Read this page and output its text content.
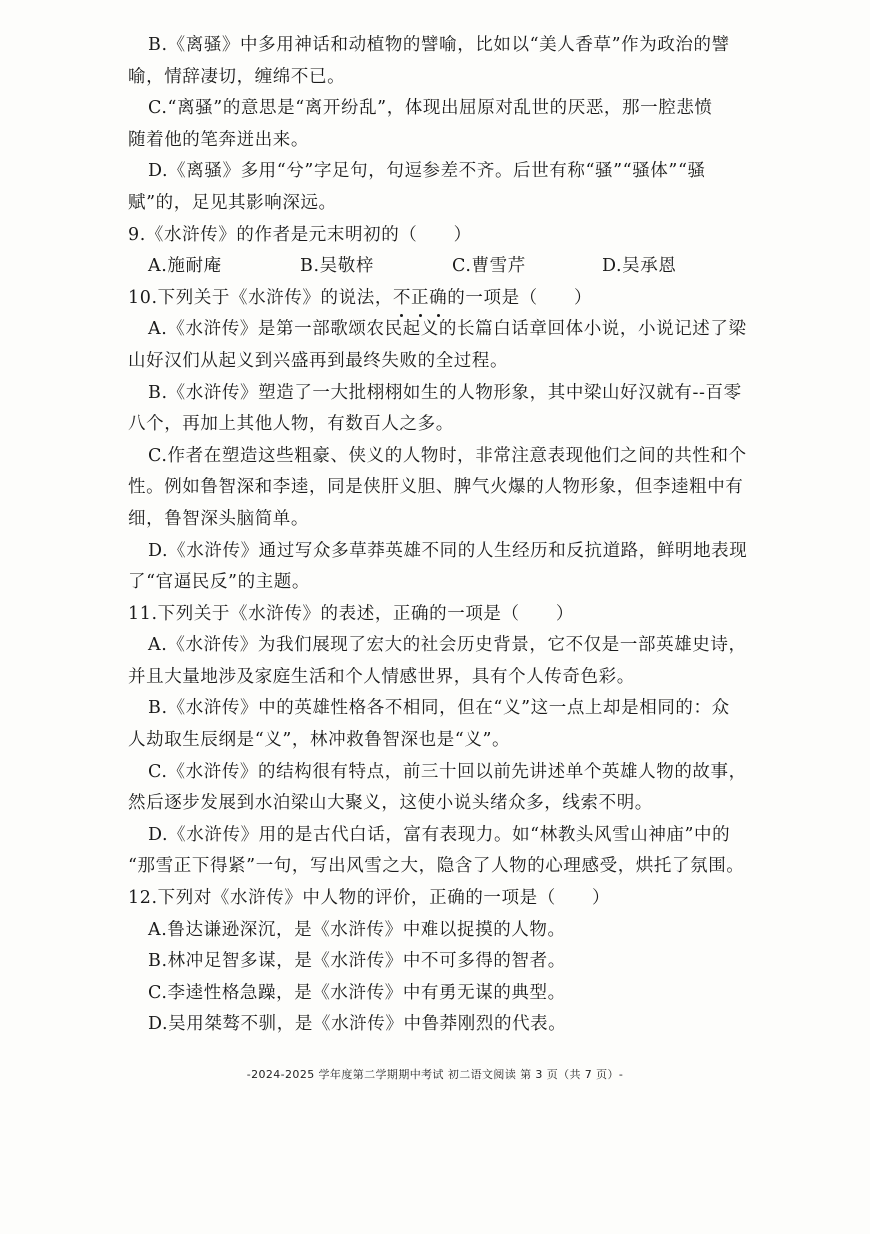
B.《离骚》中多用神话和动植物的譬喻，比如以“美人香草”作为政治的譬
喻，情辞凄切，缠绵不已。
C.“离骚”的意思是“离开纷乱”，体现出屈原对乱世的厌恶，那一腔悲愤
随着他的笔奔迸出来。
D.《离骚》多用“兮”字足句，句逗参差不齐。后世有称“骚”“骚体”“骚
赋”的，足见其影响深远。
9.《水浒传》的作者是元末明初的（　　）
A.施耐庵	B.吴敬梓	C.曹雪芹	D.吴承恩
10.下列关于《水浒传》的说法，不正确的一项是（　　）
A.《水浒传》是第一部歌颂农民起义的长篇白话章回体小说，小说记述了梁
山好汉们从起义到兴盛再到最终失败的全过程。
B.《水浒传》塑造了一大批栩栩如生的人物形象，其中梁山好汉就有--百零
八个，再加上其他人物，有数百人之多。
C.作者在塑造这些粗豪、侠义的人物时，非常注意表现他们之间的共性和个
性。例如鲁智深和李逵，同是侠肝义胆、脾气火爆的人物形象，但李逵粗中有
细，鲁智深头脑简单。
D.《水浒传》通过写众多草莽英雄不同的人生经历和反抗道路，鲜明地表现
了“官逼民反”的主题。
11.下列关于《水浒传》的表述，正确的一项是（　　）
A.《水浒传》为我们展现了宏大的社会历史背景，它不仅是一部英雄史诗，
并且大量地涉及家庭生活和个人情感世界，具有个人传奇色彩。
B.《水浒传》中的英雄性格各不相同，但在“义”这一点上却是相同的：众
人劫取生辰纲是“义”，林冲救鲁智深也是“义”。
C.《水浒传》的结构很有特点，前三十回以前先讲述单个英雄人物的故事，
然后逐步发展到水泊梁山大聚义，这使小说头绪众多，线索不明。
D.《水浒传》用的是古代白话，富有表现力。如“林教头风雪山神庙”中的
“那雪正下得紧”一句，写出风雪之大，隐含了人物的心理感受，烘托了氛围。
12.下列对《水浒传》中人物的评价，正确的一项是（　　）
A.鲁达谦逊深沉，是《水浒传》中难以捉摸的人物。
B.林冲足智多谋，是《水浒传》中不可多得的智者。
C.李逵性格急躁，是《水浒传》中有勇无谋的典型。
D.吴用桀骜不驯，是《水浒传》中鲁莽刚烈的代表。
-2024-2025 学年度第二学期期中考试 初二语文阅读 第 3 页（共 7 页）-
